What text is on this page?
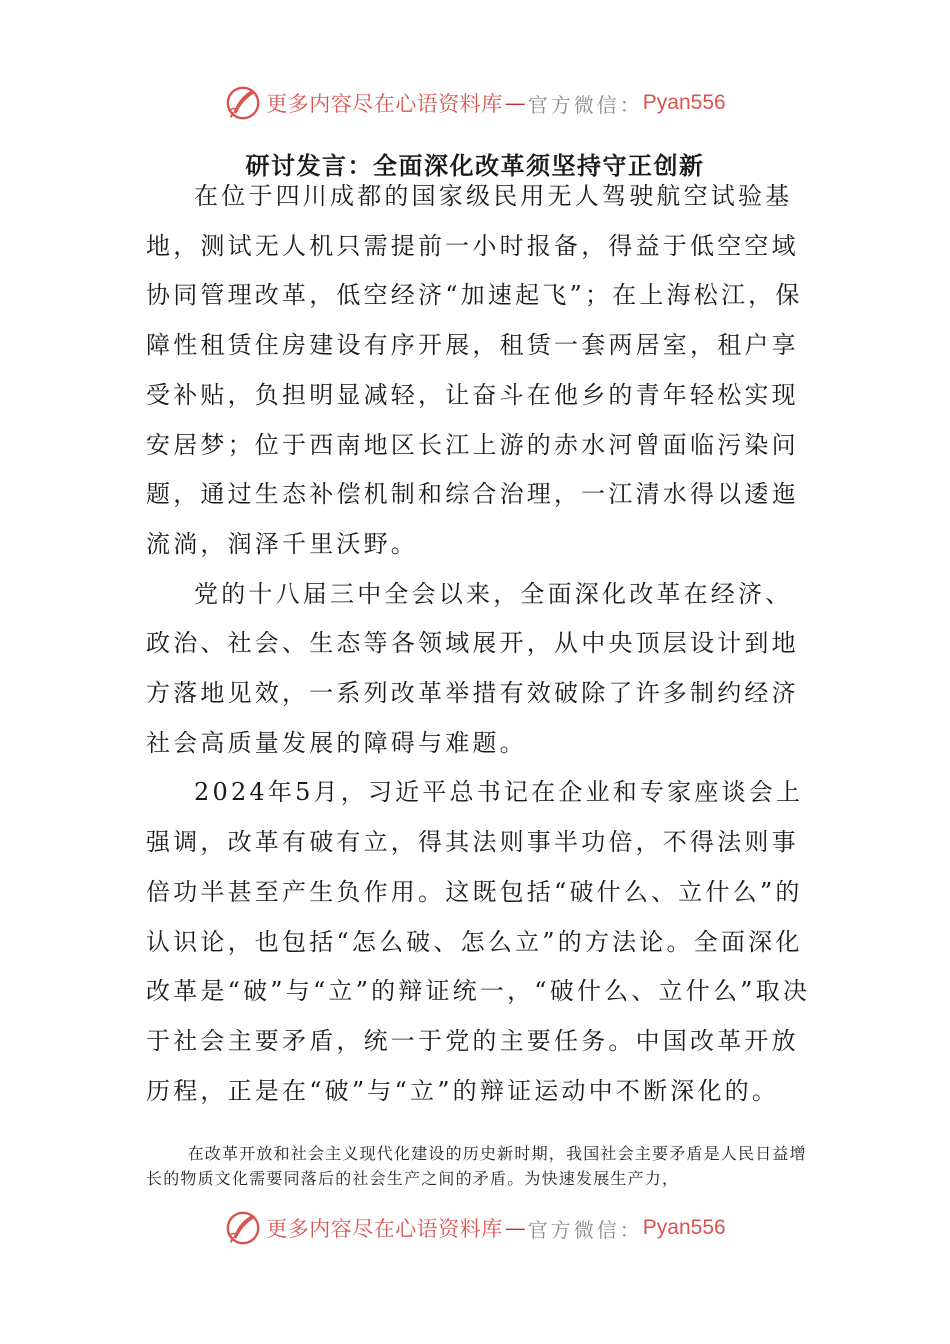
更多内容尽在心语资料库 — 官方微信： Pyan556
研讨发言：全面深化改革须坚持守正创新

在位于四川成都的国家级民用无人驾驶航空试验基地，测试无人机只需提前一小时报备，得益于低空空域协同管理改革，低空经济“加速起飞”；在上海松江，保障性租赁住房建设有序开展，租赁一套两居室，租户享受补贴，负担明显减轻，让奋斗在他乡的青年轻松实现安居梦；位于西南地区长江上游的赤水河曾面临污染问题，通过生态补偿机制和综合治理，一江清水得以逶迤流淌，润泽千里沃野。

党的十八届三中全会以来，全面深化改革在经济、政治、社会、生态等各领域展开，从中央顶层设计到地方落地见效，一系列改革举措有效破除了许多制约经济社会高质量发展的障碍与难题。

2024年5月，习近平总书记在企业和专家座谈会上强调，改革有破有立，得其法则事半功倍，不得法则事倍功半甚至产生负作用。这既包括“破什么、立什么”的认识论，也包括“怎么破、怎么立”的方法论。全面深化改革是“破”与“立”的辩证统一，“破什么、立什么”取决于社会主要矛盾，统一于党的主要任务。中国改革开放历程，正是在“破”与“立”的辩证运动中不断深化的。

在改革开放和社会主义现代化建设的历史新时期，我国社会主要矛盾是人民日益增长的物质文化需要同落后的社会生产之间的矛盾。为快速发展生产力，

更多内容尽在心语资料库 — 官方微信： Pyan556
